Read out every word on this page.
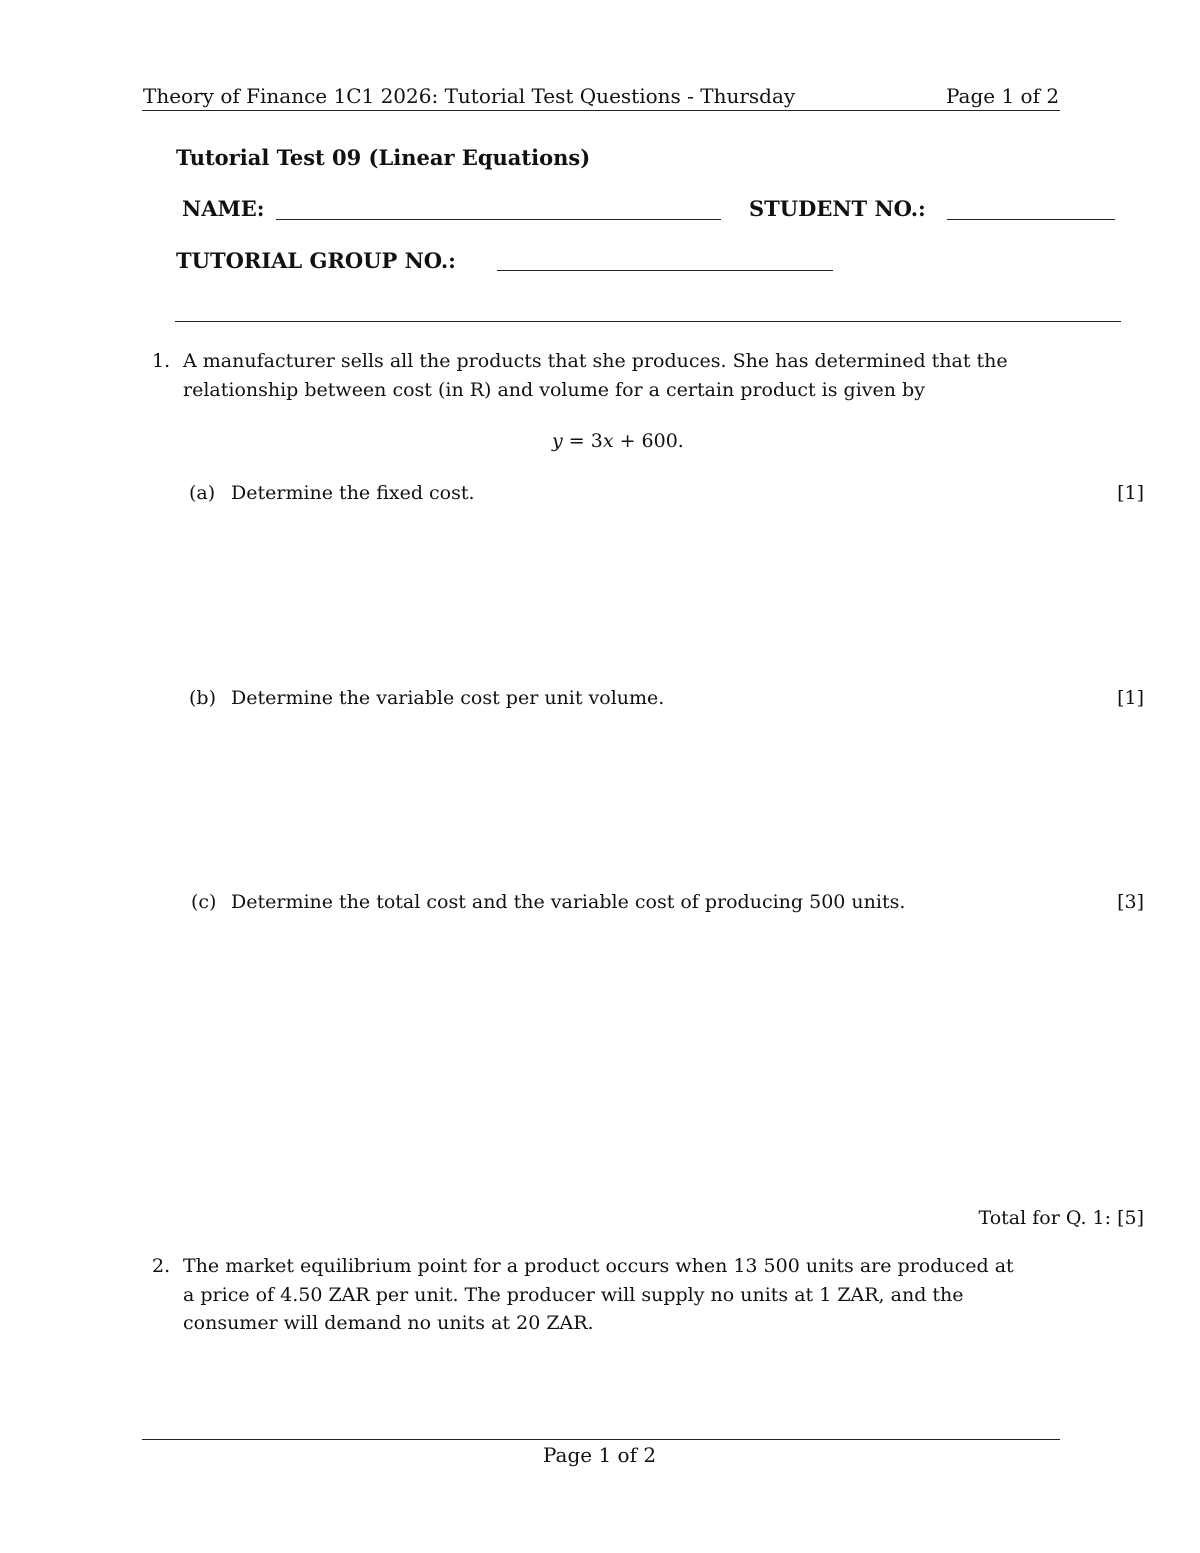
Theory of Finance 1C1 2026: Tutorial Test Questions - Thursday	Page 1 of 2
Tutorial Test 09 (Linear Equations)
NAME:	STUDENT NO.:
TUTORIAL GROUP NO.:
1. A manufacturer sells all the products that she produces. She has determined that the
relationship between cost (in R) and volume for a certain product is given by
y = 3x + 600.
(a) Determine the fixed cost.	[1]
(b) Determine the variable cost per unit volume.	[1]
(c) Determine the total cost and the variable cost of producing 500 units.	[3]
Total for Q. 1: [5]
2. The market equilibrium point for a product occurs when 13 500 units are produced at
a price of 4.50 ZAR per unit. The producer will supply no units at 1 ZAR, and the
consumer will demand no units at 20 ZAR.
Page 1 of 2
